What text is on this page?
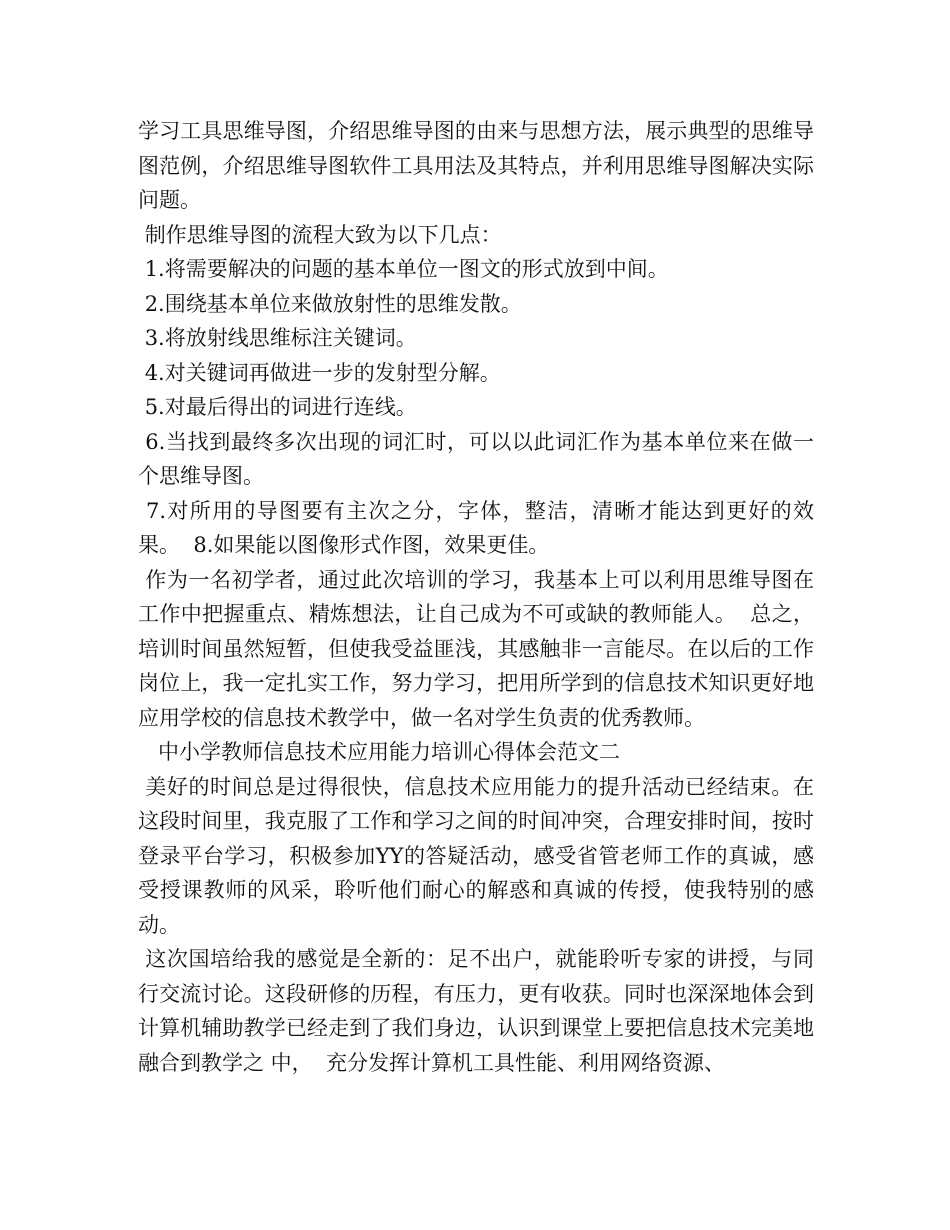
学习工具思维导图，介绍思维导图的由来与思想方法，展示典型的思维导图范例，介绍思维导图软件工具用法及其特点，并利用思维导图解决实际问题。

制作思维导图的流程大致为以下几点：

1.将需要解决的问题的基本单位一图文的形式放到中间。

2.围绕基本单位来做放射性的思维发散。

3.将放射线思维标注关键词。

4.对关键词再做进一步的发射型分解。

5.对最后得出的词进行连线。

6.当找到最终多次出现的词汇时，可以以此词汇作为基本单位来在做一个思维导图。

7.对所用的导图要有主次之分，字体，整洁，清晰才能达到更好的效果。  8.如果能以图像形式作图，效果更佳。

作为一名初学者，通过此次培训的学习，我基本上可以利用思维导图在工作中把握重点、精炼想法，让自己成为不可或缺的教师能人。  总之，培训时间虽然短暂，但使我受益匪浅，其感触非一言能尽。在以后的工作岗位上，我一定扎实工作，努力学习，把用所学到的信息技术知识更好地应用学校的信息技术教学中，做一名对学生负责的优秀教师。

中小学教师信息技术应用能力培训心得体会范文二

美好的时间总是过得很快，信息技术应用能力的提升活动已经结束。在这段时间里，我克服了工作和学习之间的时间冲突，合理安排时间，按时登录平台学习，积极参加YY的答疑活动，感受省管老师工作的真诚，感受授课教师的风采，聆听他们耐心的解惑和真诚的传授，使我特别的感动。

这次国培给我的感觉是全新的：足不出户，就能聆听专家的讲授，与同行交流讨论。这段研修的历程，有压力，更有收获。同时也深深地体会到计算机辅助教学已经走到了我们身边，认识到课堂上要把信息技术完美地融合到教学之 中，  充分发挥计算机工具性能、利用网络资源、
